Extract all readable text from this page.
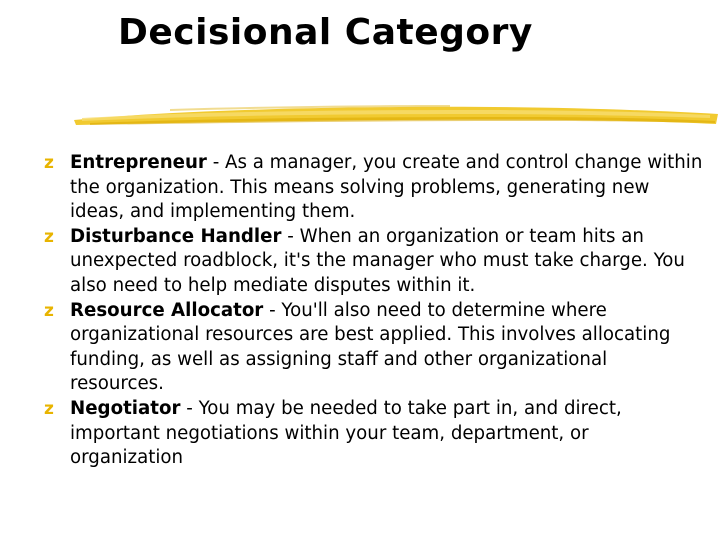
Decisional Category
z Entrepreneur - As a manager, you create and control change within the organization. This means solving problems, generating new ideas, and implementing them.
z Disturbance Handler - When an organization or team hits an unexpected roadblock, it's the manager who must take charge. You also need to help mediate disputes within it.
z Resource Allocator - You'll also need to determine where organizational resources are best applied. This involves allocating funding, as well as assigning staff and other organizational resources.
z Negotiator - You may be needed to take part in, and direct, important negotiations within your team, department, or organization
